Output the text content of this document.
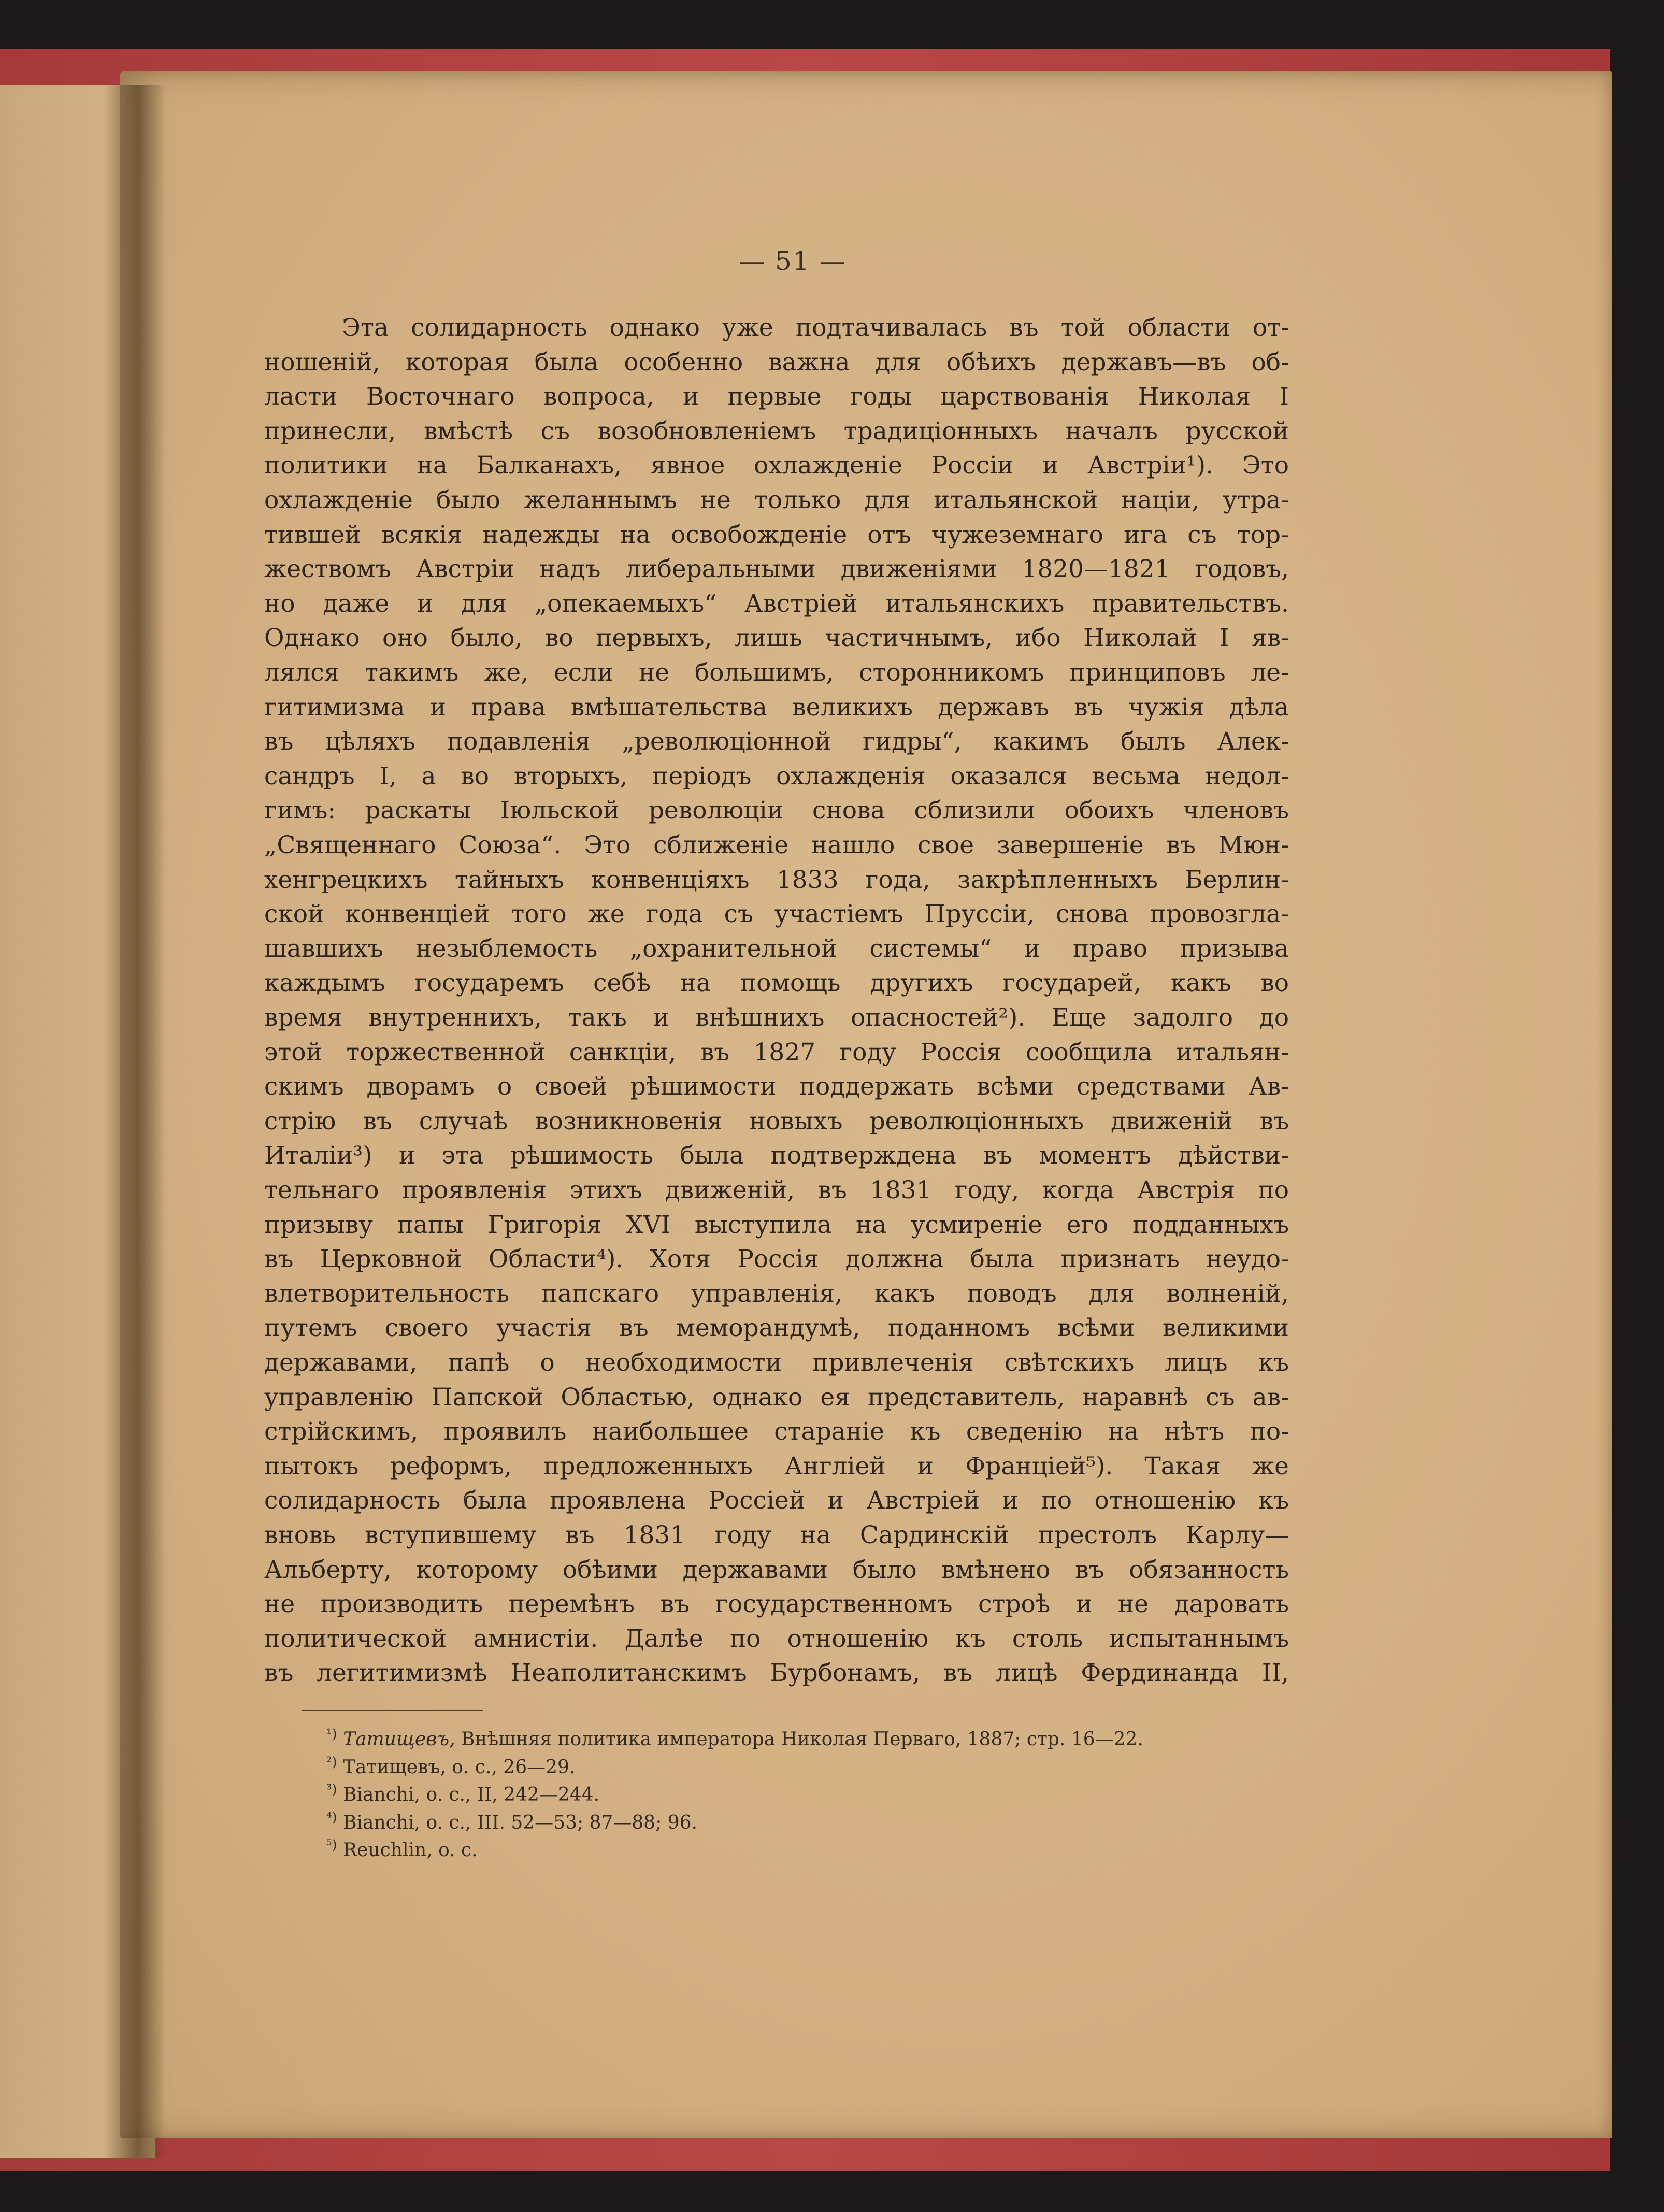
— 51 —
Эта солидарность однако уже подтачивалась въ той области от-
ношеній, которая была особенно важна для обѣихъ державъ—въ об-
ласти Восточнаго вопроса, и первые годы царствованія Николая I
принесли, вмѣстѣ съ возобновленіемъ традиціонныхъ началъ русской
политики на Балканахъ, явное охлажденіе Россіи и Австріи¹). Это
охлажденіе было желаннымъ не только для итальянской націи, утра-
тившей всякія надежды на освобожденіе отъ чужеземнаго ига съ тор-
жествомъ Австріи надъ либеральными движеніями 1820—1821 годовъ,
но даже и для „опекаемыхъ“ Австріей итальянскихъ правительствъ.
Однако оно было, во первыхъ, лишь частичнымъ, ибо Николай I яв-
лялся такимъ же, если не большимъ, сторонникомъ принциповъ ле-
гитимизма и права вмѣшательства великихъ державъ въ чужія дѣла
въ цѣляхъ подавленія „революціонной гидры“, какимъ былъ Алек-
сандръ I, а во вторыхъ, періодъ охлажденія оказался весьма недол-
гимъ: раскаты Іюльской революціи снова сблизили обоихъ членовъ
„Священнаго Союза“. Это сближеніе нашло свое завершеніе въ Мюн-
хенгрецкихъ тайныхъ конвенціяхъ 1833 года, закрѣпленныхъ Берлин-
ской конвенціей того же года съ участіемъ Пруссіи, снова провозгла-
шавшихъ незыблемость „охранительной системы“ и право призыва
каждымъ государемъ себѣ на помощь другихъ государей, какъ во
время внутреннихъ, такъ и внѣшнихъ опасностей²). Еще задолго до
этой торжественной санкціи, въ 1827 году Россія сообщила итальян-
скимъ дворамъ о своей рѣшимости поддержать всѣми средствами Ав-
стрію въ случаѣ возникновенія новыхъ революціонныхъ движеній въ
Италіи³) и эта рѣшимость была подтверждена въ моментъ дѣйстви-
тельнаго проявленія этихъ движеній, въ 1831 году, когда Австрія по
призыву папы Григорія XVI выступила на усмиреніе его подданныхъ
въ Церковной Области⁴). Хотя Россія должна была признать неудо-
влетворительность папскаго управленія, какъ поводъ для волненій,
путемъ своего участія въ меморандумѣ, поданномъ всѣми великими
державами, папѣ о необходимости привлеченія свѣтскихъ лицъ къ
управленію Папской Областью, однако ея представитель, наравнѣ съ ав-
стрійскимъ, проявилъ наибольшее стараніе къ сведенію на нѣтъ по-
пытокъ реформъ, предложенныхъ Англіей и Франціей⁵). Такая же
солидарность была проявлена Россіей и Австріей и по отношенію къ
вновь вступившему въ 1831 году на Сардинскій престолъ Карлу—
Альберту, которому обѣими державами было вмѣнено въ обязанность
не производить перемѣнъ въ государственномъ строѣ и не даровать
политической амнистіи. Далѣе по отношенію къ столь испытаннымъ
въ легитимизмѣ Неаполитанскимъ Бурбонамъ, въ лицѣ Фердинанда II,
$^{^1)}$ Татищевъ, Внѣшняя политика императора Николая Перваго, 1887; стр. 16—22.
$^{^2)}$ Татищевъ, о. с., 26—29.
$^{^3)}$ Bianchi, o. c., II, 242—244.
$^{^4)}$ Bianchi, o. c., III. 52—53; 87—88; 96.
$^{^5)}$ Reuchlin, o. c.
